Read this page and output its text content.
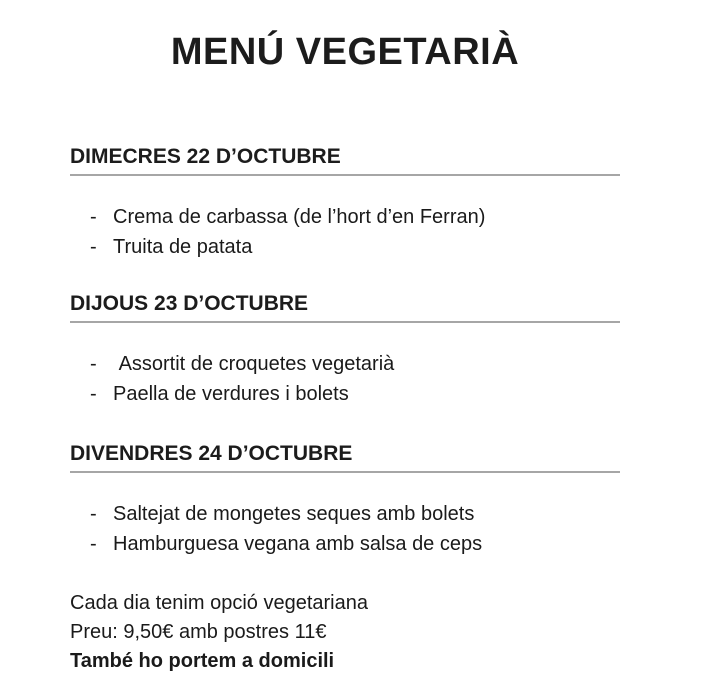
MENÚ VEGETARIÀ
DIMECRES 22 D’OCTUBRE
- Crema de carbassa (de l’hort d’en Ferran)
- Truita de patata
DIJOUS 23 D’OCTUBRE
- Assortit de croquetes vegetarià
- Paella de verdures i bolets
DIVENDRES 24 D’OCTUBRE
- Saltejat de mongetes seques amb bolets
- Hamburguesa vegana amb salsa de ceps

Cada dia tenim opció vegetariana

Preu: 9,50€ amb postres 11€

També ho portem a domicili
